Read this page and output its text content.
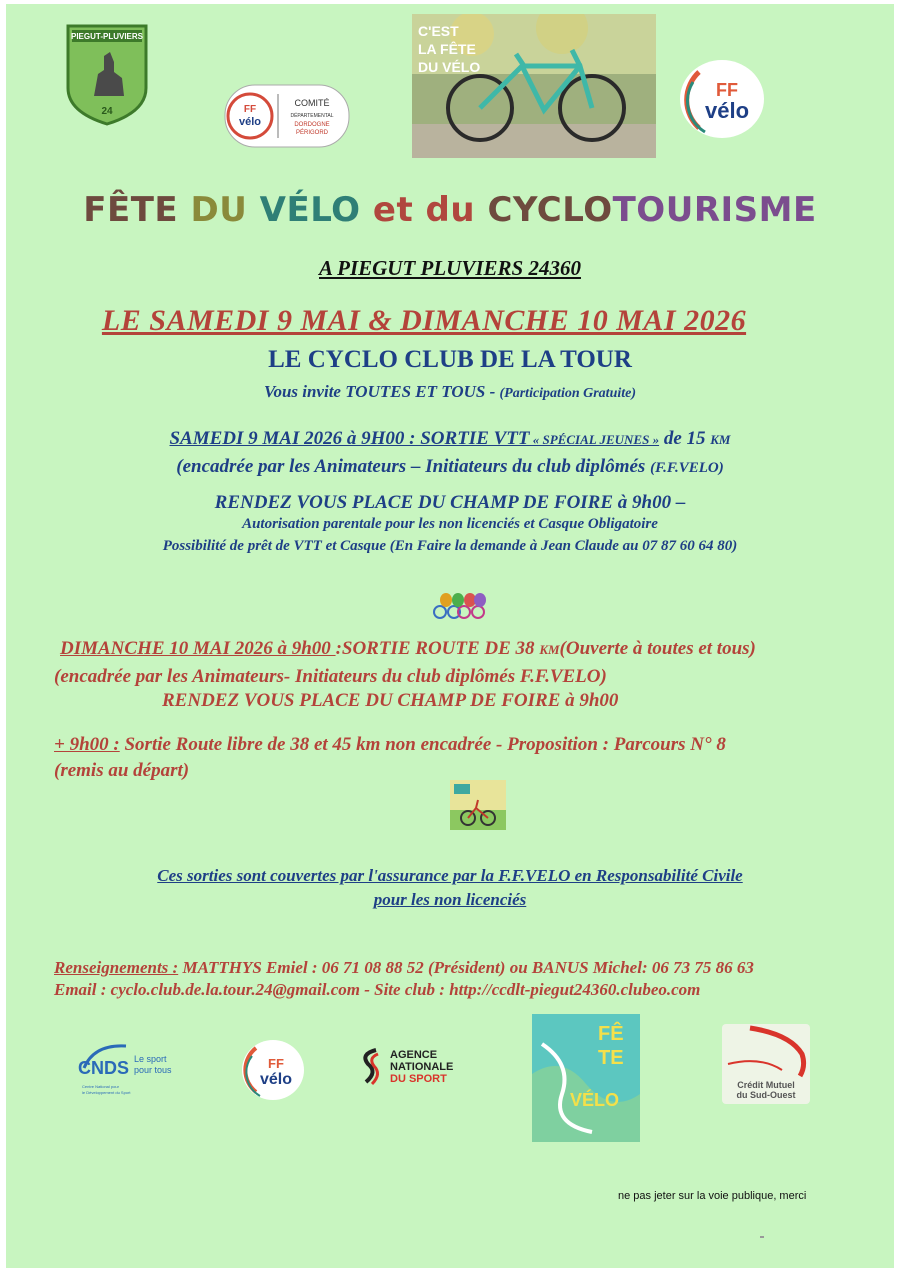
PIEGUT-PLUVIERS
24	FF
vélo
COMITÉ
DÉPARTEMENTAL
DORDOGNE
PÉRIGORD
C'EST
LA FÊTE
DU VÉLO
FF
vélo
FÊTE DU VÉLO et du CYCLOTOURISME
A PIEGUT PLUVIERS 24360
LE SAMEDI 9 MAI & DIMANCHE 10 MAI 2026
LE CYCLO CLUB DE LA TOUR
Vous invite TOUTES ET TOUS - (Participation Gratuite)
SAMEDI 9 MAI 2026 à 9H00 : SORTIE VTT « SPÉCIAL JEUNES » de 15 KM
(encadrée par les Animateurs – Initiateurs du club diplômés (F.F.VELO)
RENDEZ VOUS PLACE DU CHAMP DE FOIRE à 9h00 –
Autorisation parentale pour les non licenciés et Casque Obligatoire
Possibilité de prêt de VTT et Casque (En Faire la demande à Jean Claude au 07 87 60 64 80)
DIMANCHE 10 MAI 2026 à 9h00 :SORTIE ROUTE DE 38 KM(Ouverte à toutes et tous)
(encadrée par les Animateurs- Initiateurs du club diplômés F.F.VELO)
RENDEZ VOUS PLACE DU CHAMP DE FOIRE à 9h00
+ 9h00 : Sortie Route libre de 38 et 45 km non encadrée - Proposition : Parcours N° 8
(remis au départ)
Ces sorties sont couvertes par l'assurance par la F.F.VELO en Responsabilité Civile
pour les non licenciés
Renseignements : MATTHYS Emiel : 06 71 08 88 52 (Président) ou BANUS Michel: 06 73 75 86 63
Email : cyclo.club.de.la.tour.24@gmail.com - Site club : http://ccdlt-piegut24360.clubeo.com
CNDS Le sport
pour tous
Centre National pour
le Développement du Sport
FF
vélo
AGENCE
NATIONALE
DU SPORT
FÊ
TE
VÉLO
Crédit Mutuel
du Sud-Ouest
ne pas jeter sur la voie publique, merci
